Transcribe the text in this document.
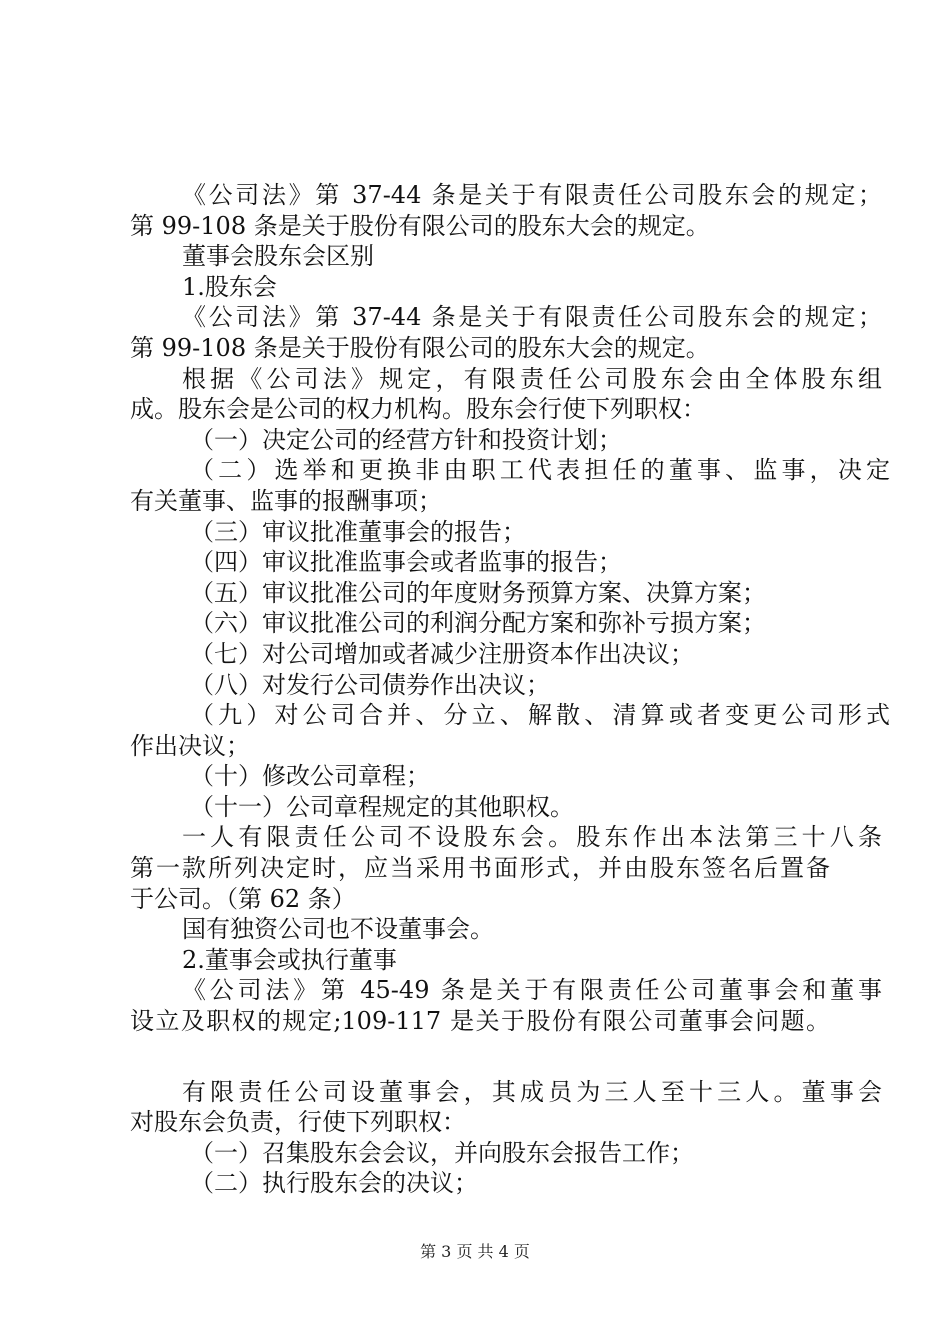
《公司法》第 37-44 条是关于有限责任公司股东会的规定；
第 99-108 条是关于股份有限公司的股东大会的规定。
董事会股东会区别
1.股东会
《公司法》第 37-44 条是关于有限责任公司股东会的规定；
第 99-108 条是关于股份有限公司的股东大会的规定。
根据《公司法》规定，有限责任公司股东会由全体股东组
成。股东会是公司的权力机构。股东会行使下列职权：
（一）决定公司的经营方针和投资计划；
（二）选举和更换非由职工代表担任的董事、监事，决定
有关董事、监事的报酬事项；
（三）审议批准董事会的报告；
（四）审议批准监事会或者监事的报告；
（五）审议批准公司的年度财务预算方案、决算方案；
（六）审议批准公司的利润分配方案和弥补亏损方案；
（七）对公司增加或者减少注册资本作出决议；
（八）对发行公司债券作出决议；
（九）对公司合并、分立、解散、清算或者变更公司形式
作出决议；
（十）修改公司章程；
（十一）公司章程规定的其他职权。
一人有限责任公司不设股东会。股东作出本法第三十八条
第一款所列决定时，应当采用书面形式，并由股东签名后置备
于公司。（第 62 条）
国有独资公司也不设董事会。
2.董事会或执行董事
《公司法》第 45-49 条是关于有限责任公司董事会和董事
设立及职权的规定;109-117 是关于股份有限公司董事会问题。
有限责任公司设董事会，其成员为三人至十三人。董事会
对股东会负责，行使下列职权：
（一）召集股东会会议，并向股东会报告工作；
（二）执行股东会的决议；
第 3 页 共 4 页
